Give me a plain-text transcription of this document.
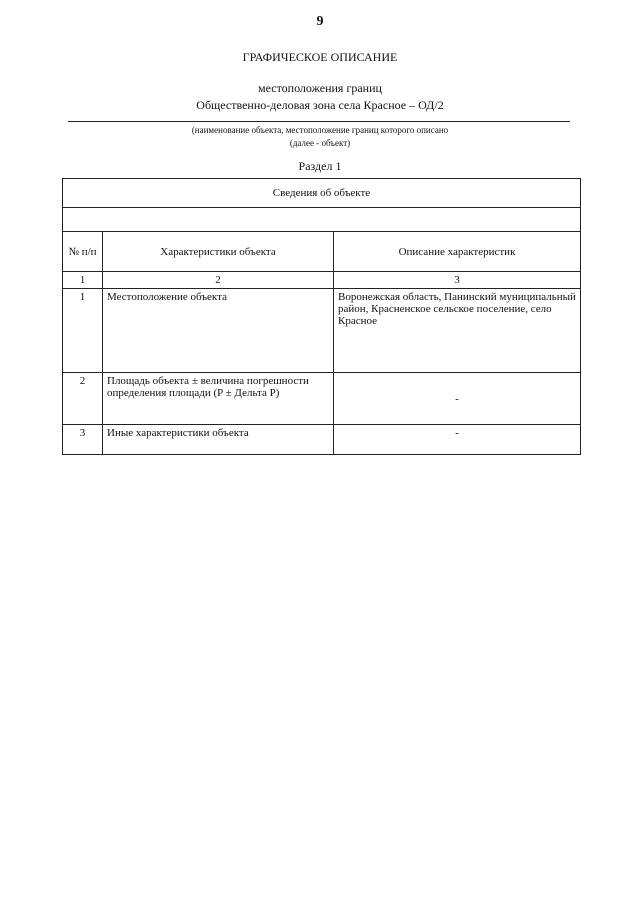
9
ГРАФИЧЕСКОЕ ОПИСАНИЕ
местоположения границ
Общественно-деловая зона села Красное – ОД/2
(наименование объекта, местоположение границ которого описано
(далее - объект)
Раздел 1
Сведения об объекте		

№ п/п	Характеристики объекта	Описание характеристик
1	2	3
1	Местоположение объекта	Воронежская область, Панинский муниципальный район, Красненское сельское поселение, село Красное
2	Площадь объекта ± величина погрешности определения площади (P ± Дельта P)	-
3	Иные характеристики объекта	-
